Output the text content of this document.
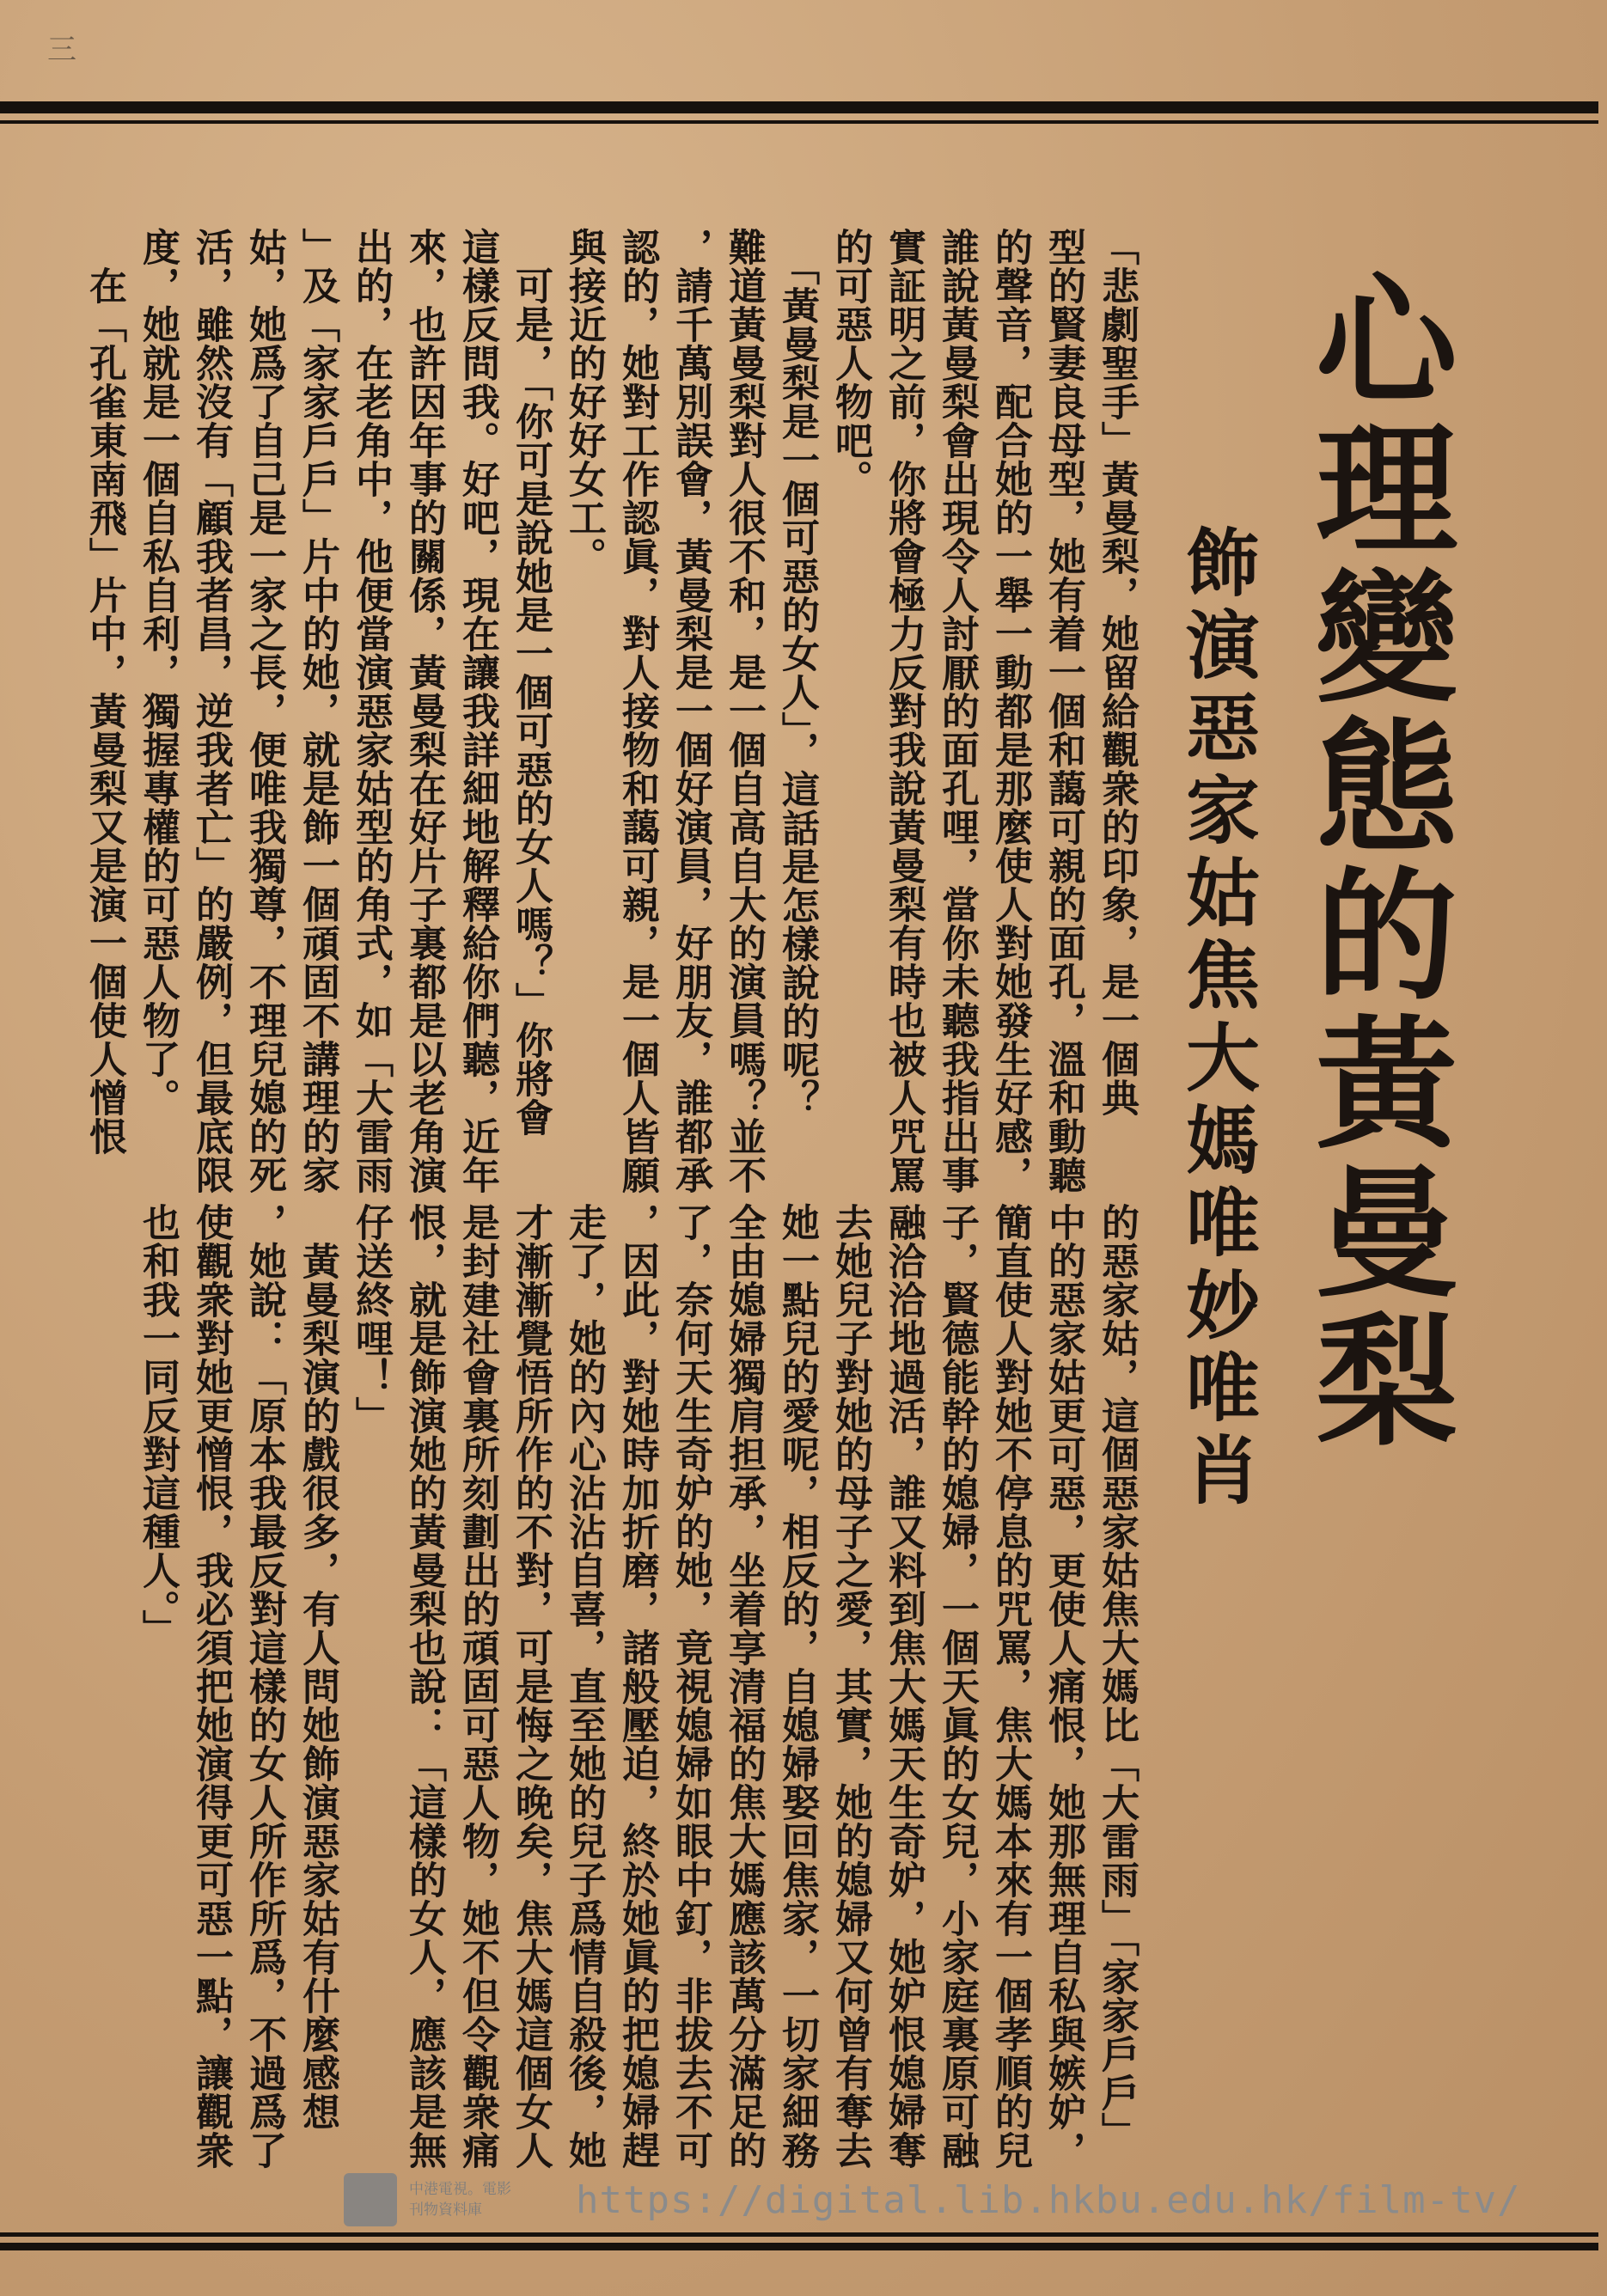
三
心理變態的黃曼梨
飾演惡家姑焦大媽唯妙唯肖
「悲劇聖手」黃曼梨，她留給觀衆的印象，是一個典
型的賢妻良母型，她有着一個和藹可親的面孔，溫和動聽
的聲音，配合她的一舉一動都是那麼使人對她發生好感，
誰說黃曼梨會出現令人討厭的面孔哩，當你未聽我指出事
實証明之前，你將會極力反對我說黃曼梨有時也被人咒罵
的可惡人物吧。
　「黃曼梨是一個可惡的女人」，這話是怎樣說的呢？
難道黃曼梨對人很不和，是一個自高自大的演員嗎？並不
，請千萬別誤會，黃曼梨是一個好演員，好朋友，誰都承
認的，她對工作認眞，對人接物和藹可親，是一個人皆願
與接近的好好女工。
　可是，「你可是說她是一個可惡的女人嗎？」你將會
這樣反問我。好吧，現在讓我詳細地解釋給你們聽，近年
來，也許因年事的關係，黃曼梨在好片子裏都是以老角演
出的，在老角中，他便當演惡家姑型的角式，如「大雷雨
」及「家家戶戶」片中的她，就是飾一個頑固不講理的家
姑，她爲了自己是一家之長，便唯我獨尊，不理兒媳的死
活，雖然沒有「顧我者昌，逆我者亡」的嚴例，但最底限
度，她就是一個自私自利，獨握專權的可惡人物了。
　在「孔雀東南飛」片中，黃曼梨又是演一個使人憎恨

的惡家姑，這個惡家姑焦大媽比「大雷雨」「家家戶戶」
中的惡家姑更可惡，更使人痛恨，她那無理自私與嫉妒，
簡直使人對她不停息的咒罵，焦大媽本來有一個孝順的兒
子，賢德能幹的媳婦，一個天眞的女兒，小家庭裏原可融
融洽洽地過活，誰又料到焦大媽天生奇妒，她妒恨媳婦奪
去她兒子對她的母子之愛，其實，她的媳婦又何曾有奪去
她一點兒的愛呢，相反的，自媳婦娶回焦家，一切家細務
全由媳婦獨肩担承，坐着享清福的焦大媽應該萬分滿足的
了，奈何天生奇妒的她，竟視媳婦如眼中釘，非拔去不可
，因此，對她時加折磨，諸般壓迫，終於她眞的把媳婦趕
走了，她的內心沾沾自喜，直至她的兒子爲情自殺後，她
才漸漸覺悟所作的不對，可是悔之晚矣，焦大媽這個女人
是封建社會裏所刻劃出的頑固可惡人物，她不但令觀衆痛
恨，就是飾演她的黃曼梨也說：「這樣的女人，應該是無
仔送終哩！」
　黃曼梨演的戲很多，有人問她飾演惡家姑有什麼感想
，她說：「原本我最反對這樣的女人所作所爲，不過爲了
使觀衆對她更憎恨，我必須把她演得更可惡一點，讓觀衆
也和我一同反對這種人。」

中港電視。電影
刊物資料庫	https://digital.lib.hkbu.edu.hk/film-tv/
